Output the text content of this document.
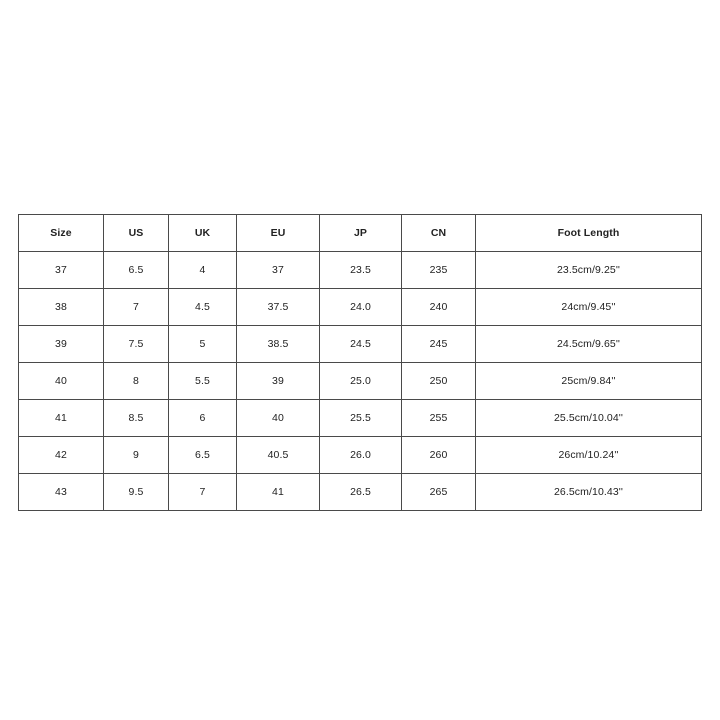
Size	US	UK	EU	JP	CN	Foot Length
37	6.5	4	37	23.5	235	23.5cm/9.25''
38	7	4.5	37.5	24.0	240	24cm/9.45''
39	7.5	5	38.5	24.5	245	24.5cm/9.65''
40	8	5.5	39	25.0	250	25cm/9.84''
41	8.5	6	40	25.5	255	25.5cm/10.04''
42	9	6.5	40.5	26.0	260	26cm/10.24''
43	9.5	7	41	26.5	265	26.5cm/10.43''
